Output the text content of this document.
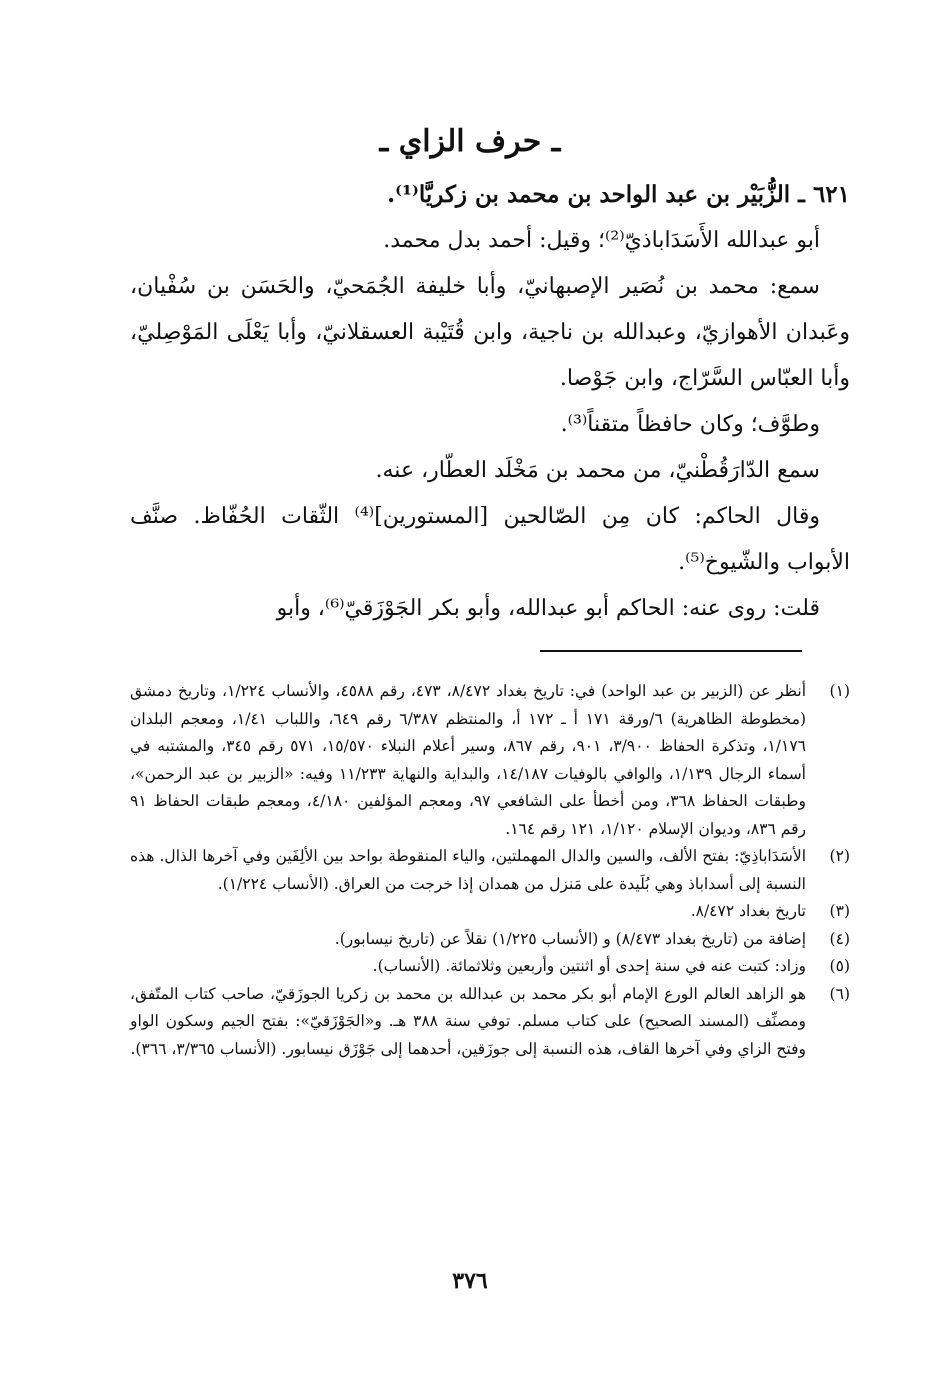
ـ حرف الزاي ـ

٦٢١ ـ الزُّبَيْر بن عبد الواحد بن محمد بن زكريَّا⁽¹⁾.

أبو عبدالله الأَسَدَاباذيّ⁽²⁾؛ وقيل: أحمد بدل محمد.

سمع: محمد بن نُصَير الإصبهانيّ، وأبا خليفة الجُمَحيّ، والحَسَن بن سُفْيان، وعَبدان الأهوازيّ، وعبدالله بن ناجية، وابن قُتَيْبة العسقلانيّ، وأبا يَعْلَى المَوْصِليّ، وأبا العبّاس السَّرّاج، وابن جَوْصا.

وطوَّف؛ وكان حافظاً متقناً⁽³⁾.

سمع الدّارَقُطْنيّ، من محمد بن مَخْلَد العطّار، عنه.

وقال الحاكم: كان مِن الصّالحين [المستورين]⁽⁴⁾ الثّقات الحُفّاظ. صنَّف الأبواب والشّيوخ⁽⁵⁾.

قلت: روى عنه: الحاكم أبو عبدالله، وأبو بكر الجَوْزَقيّ⁽⁶⁾، وأبو

(١)
أنظر عن (الزبير بن عبد الواحد) في: تاريخ بغداد ٨/٤٧٢، ٤٧٣، رقم ٤٥٨٨، والأنساب ١/٢٢٤، وتاريخ دمشق (مخطوطة الظاهرية) ٦/ورقة ١٧١ أ ـ ١٧٢ أ، والمنتظم ٦/٣٨٧ رقم ٦٤٩، واللباب ١/٤١، ومعجم البلدان ١/١٧٦، وتذكرة الحفاظ ٣/٩٠٠، ٩٠١، رقم ٨٦٧، وسير أعلام النبلاء ١٥/٥٧٠، ٥٧١ رقم ٣٤٥، والمشتبه في أسماء الرجال ١/١٣٩، والوافي بالوفيات ١٤/١٨٧، والبداية والنهاية ١١/٢٣٣ وفيه: «الزبير بن عبد الرحمن»، وطبقات الحفاظ ٣٦٨، ومن أخطأ على الشافعي ٩٧، ومعجم المؤلفين ٤/١٨٠، ومعجم طبقات الحفاظ ٩١ رقم ٨٣٦، وديوان الإسلام ١/١٢٠، ١٢١ رقم ١٦٤.
(٢)
الأسَدَاباذِيّ: بفتح الألف، والسين والدال المهملتين، والياء المنقوطة بواحد بين الألِفَين وفي آخرها الذال. هذه النسبة إلى أسداباذ وهي بُلَيدة على مَنزل من همدان إذا خرجت من العراق. (الأنساب ١/٢٢٤).
(٣)
تاريخ بغداد ٨/٤٧٢.
(٤)
إضافة من (تاريخ بغداد ٨/٤٧٣) و (الأنساب ١/٢٢٥) نقلاً عن (تاريخ نيسابور).
(٥)
وزاد: كتبت عنه في سنة إحدى أو اثنتين وأربعين وثلاثمائة. (الأنساب).
(٦)
هو الزاهد العالم الورع الإمام أبو بكر محمد بن عبدالله بن محمد بن زكريا الجوزَقيّ، صاحب كتاب المتّفق، ومصنِّف (المسند الصحيح) على كتاب مسلم. توفي سنة ٣٨٨ هـ. و«الجَوْزَقيّ»: بفتح الجيم وسكون الواو وفتح الزاي وفي آخرها القاف، هذه النسبة إلى جوزَقين، أحدهما إلى جَوْزَق نيسابور. (الأنساب ٣/٣٦٥، ٣٦٦).
٣٧٦
